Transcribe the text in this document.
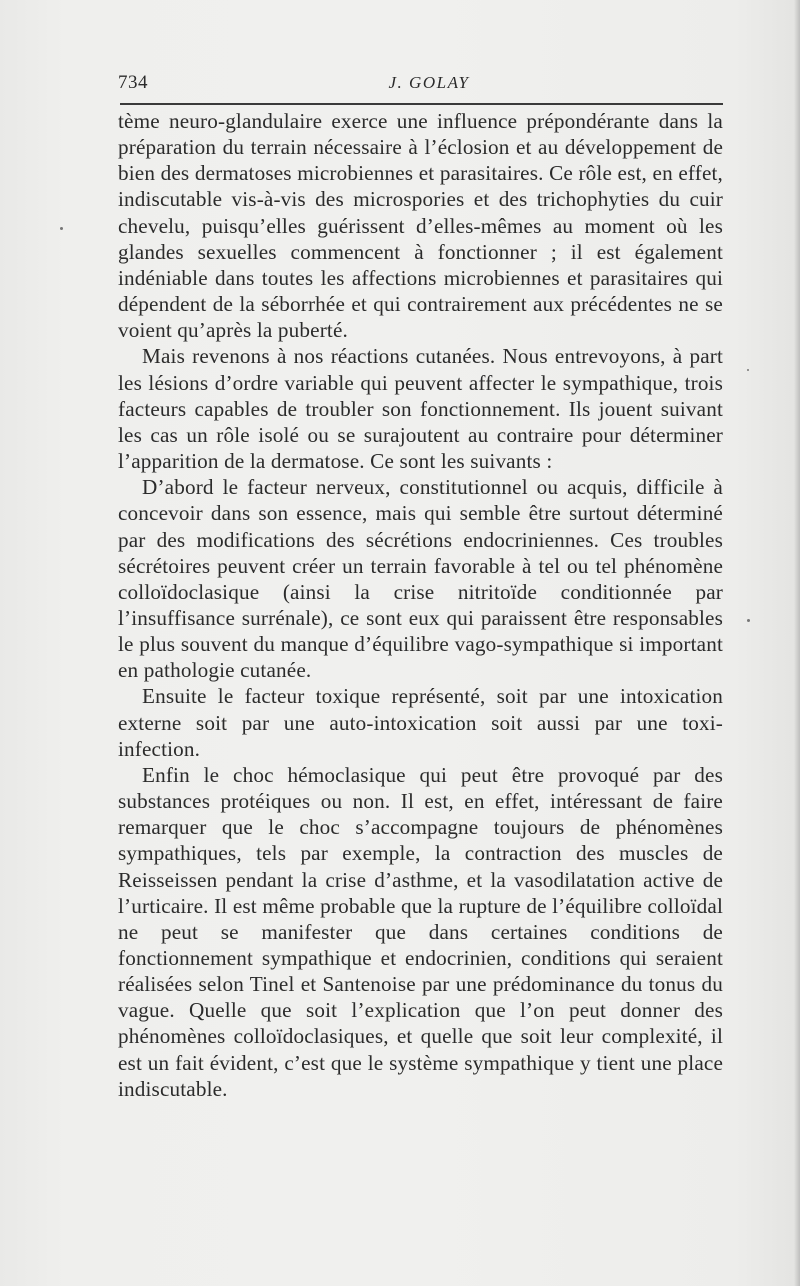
734	J. GOLAY

tème neuro-glandulaire exerce une influence prépondérante dans la préparation du terrain nécessaire à l’éclosion et au développement de bien des dermatoses microbiennes et parasitaires. Ce rôle est, en effet, indiscutable vis-à-vis des microspories et des trichophyties du cuir chevelu, puisqu’elles guérissent d’elles-mêmes au moment où les glandes sexuelles commencent à fonctionner ; il est également indéniable dans toutes les affections microbiennes et parasitaires qui dépendent de la séborrhée et qui contrairement aux précédentes ne se voient qu’après la puberté.

Mais revenons à nos réactions cutanées. Nous entrevoyons, à part les lésions d’ordre variable qui peuvent affecter le sympathique, trois facteurs capables de troubler son fonctionnement. Ils jouent suivant les cas un rôle isolé ou se surajoutent au contraire pour déterminer l’apparition de la dermatose. Ce sont les suivants :

D’abord le facteur nerveux, constitutionnel ou acquis, difficile à concevoir dans son essence, mais qui semble être surtout déterminé par des modifications des sécrétions endocriniennes. Ces troubles sécrétoires peuvent créer un terrain favorable à tel ou tel phénomène colloïdoclasique (ainsi la crise nitritoïde conditionnée par l’insuffisance surrénale), ce sont eux qui paraissent être responsables le plus souvent du manque d’équilibre vago-sympathique si important en pathologie cutanée.

Ensuite le facteur toxique représenté, soit par une intoxication externe soit par une auto-intoxication soit aussi par une toxi-infection.

Enfin le choc hémoclasique qui peut être provoqué par des substances protéiques ou non. Il est, en effet, intéressant de faire remarquer que le choc s’accompagne toujours de phénomènes sympathiques, tels par exemple, la contraction des muscles de Reisseissen pendant la crise d’asthme, et la vasodilatation active de l’urticaire. Il est même probable que la rupture de l’équilibre colloïdal ne peut se manifester que dans certaines conditions de fonctionnement sympathique et endocrinien, conditions qui seraient réalisées selon Tinel et Santenoise par une prédominance du tonus du vague. Quelle que soit l’explication que l’on peut donner des phénomènes colloïdoclasiques, et quelle que soit leur complexité, il est un fait évident, c’est que le système sympathique y tient une place indiscutable.
